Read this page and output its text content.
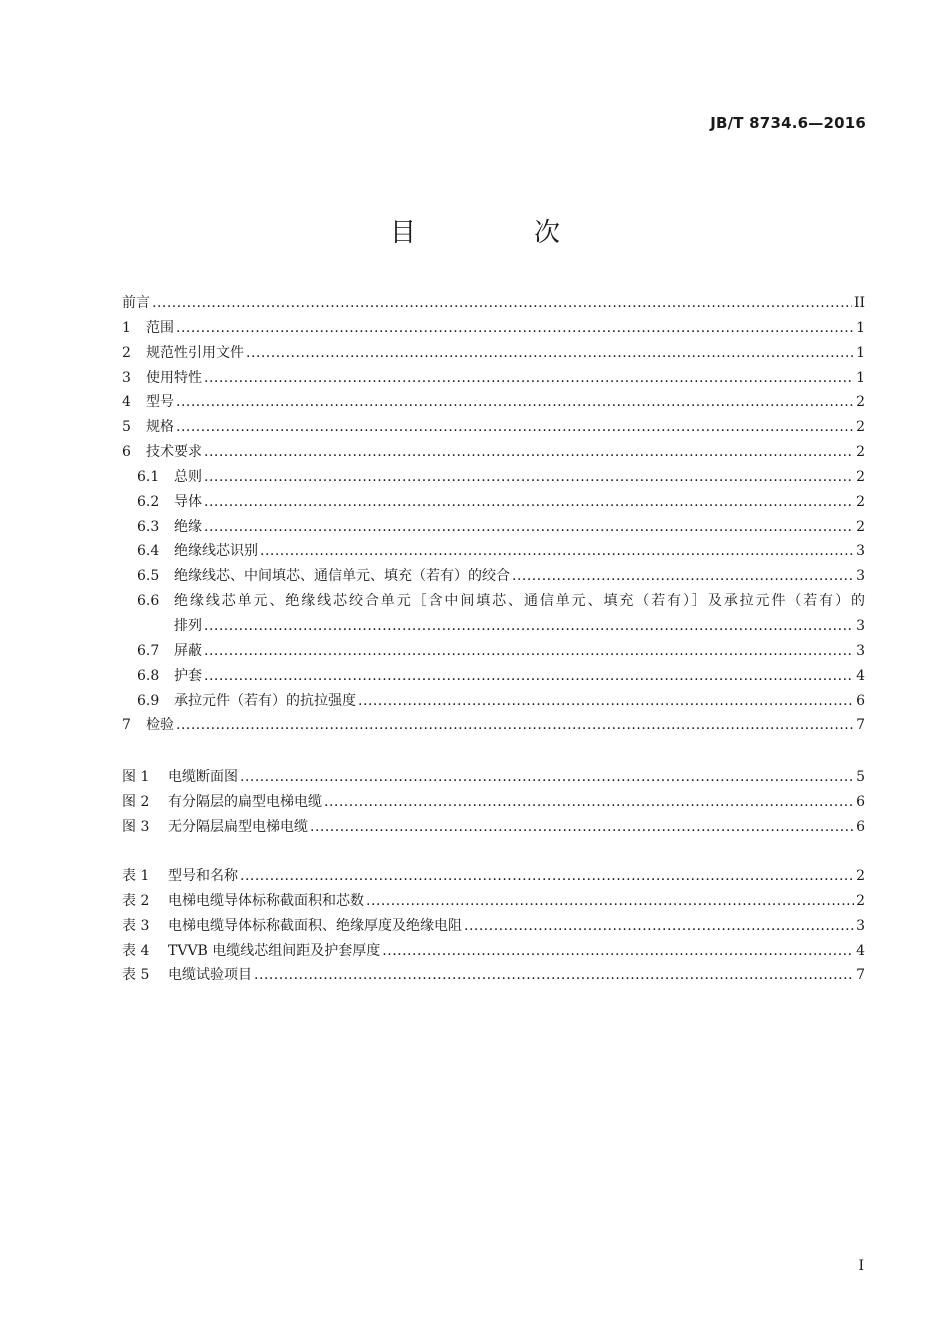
JB/T 8734.6—2016
目　次
前言 .....	II
1	范围 .....	1
2	规范性引用文件 .....	1
3	使用特性 .....	1
4	型号 .....	2
5	规格 .....	2
6	技术要求 .....	2
6.1	总则 .....	2
6.2	导体 .....	2
6.3	绝缘 .....	2
6.4	绝缘线芯识别 .....	3
6.5	绝缘线芯、中间填芯、通信单元、填充（若有）的绞合 .....	3
6.6	绝缘线芯单元、绝缘线芯绞合单元［含中间填芯、通信单元、填充（若有）］及承拉元件（若有）的
排列 .....	3
6.7	屏蔽 .....	3
6.8	护套 .....	4
6.9	承拉元件（若有）的抗拉强度 .....	6
7	检验 .....	7
图 1	电缆断面图 .....	5
图 2	有分隔层的扁型电梯电缆 .....	6
图 3	无分隔层扁型电梯电缆 .....	6
表 1	型号和名称 .....	2
表 2	电梯电缆导体标称截面积和芯数 .....	2
表 3	电梯电缆导体标称截面积、绝缘厚度及绝缘电阻 .....	3
表 4	TVVB 电缆线芯组间距及护套厚度 .....	4
表 5	电缆试验项目 .....	7
I
